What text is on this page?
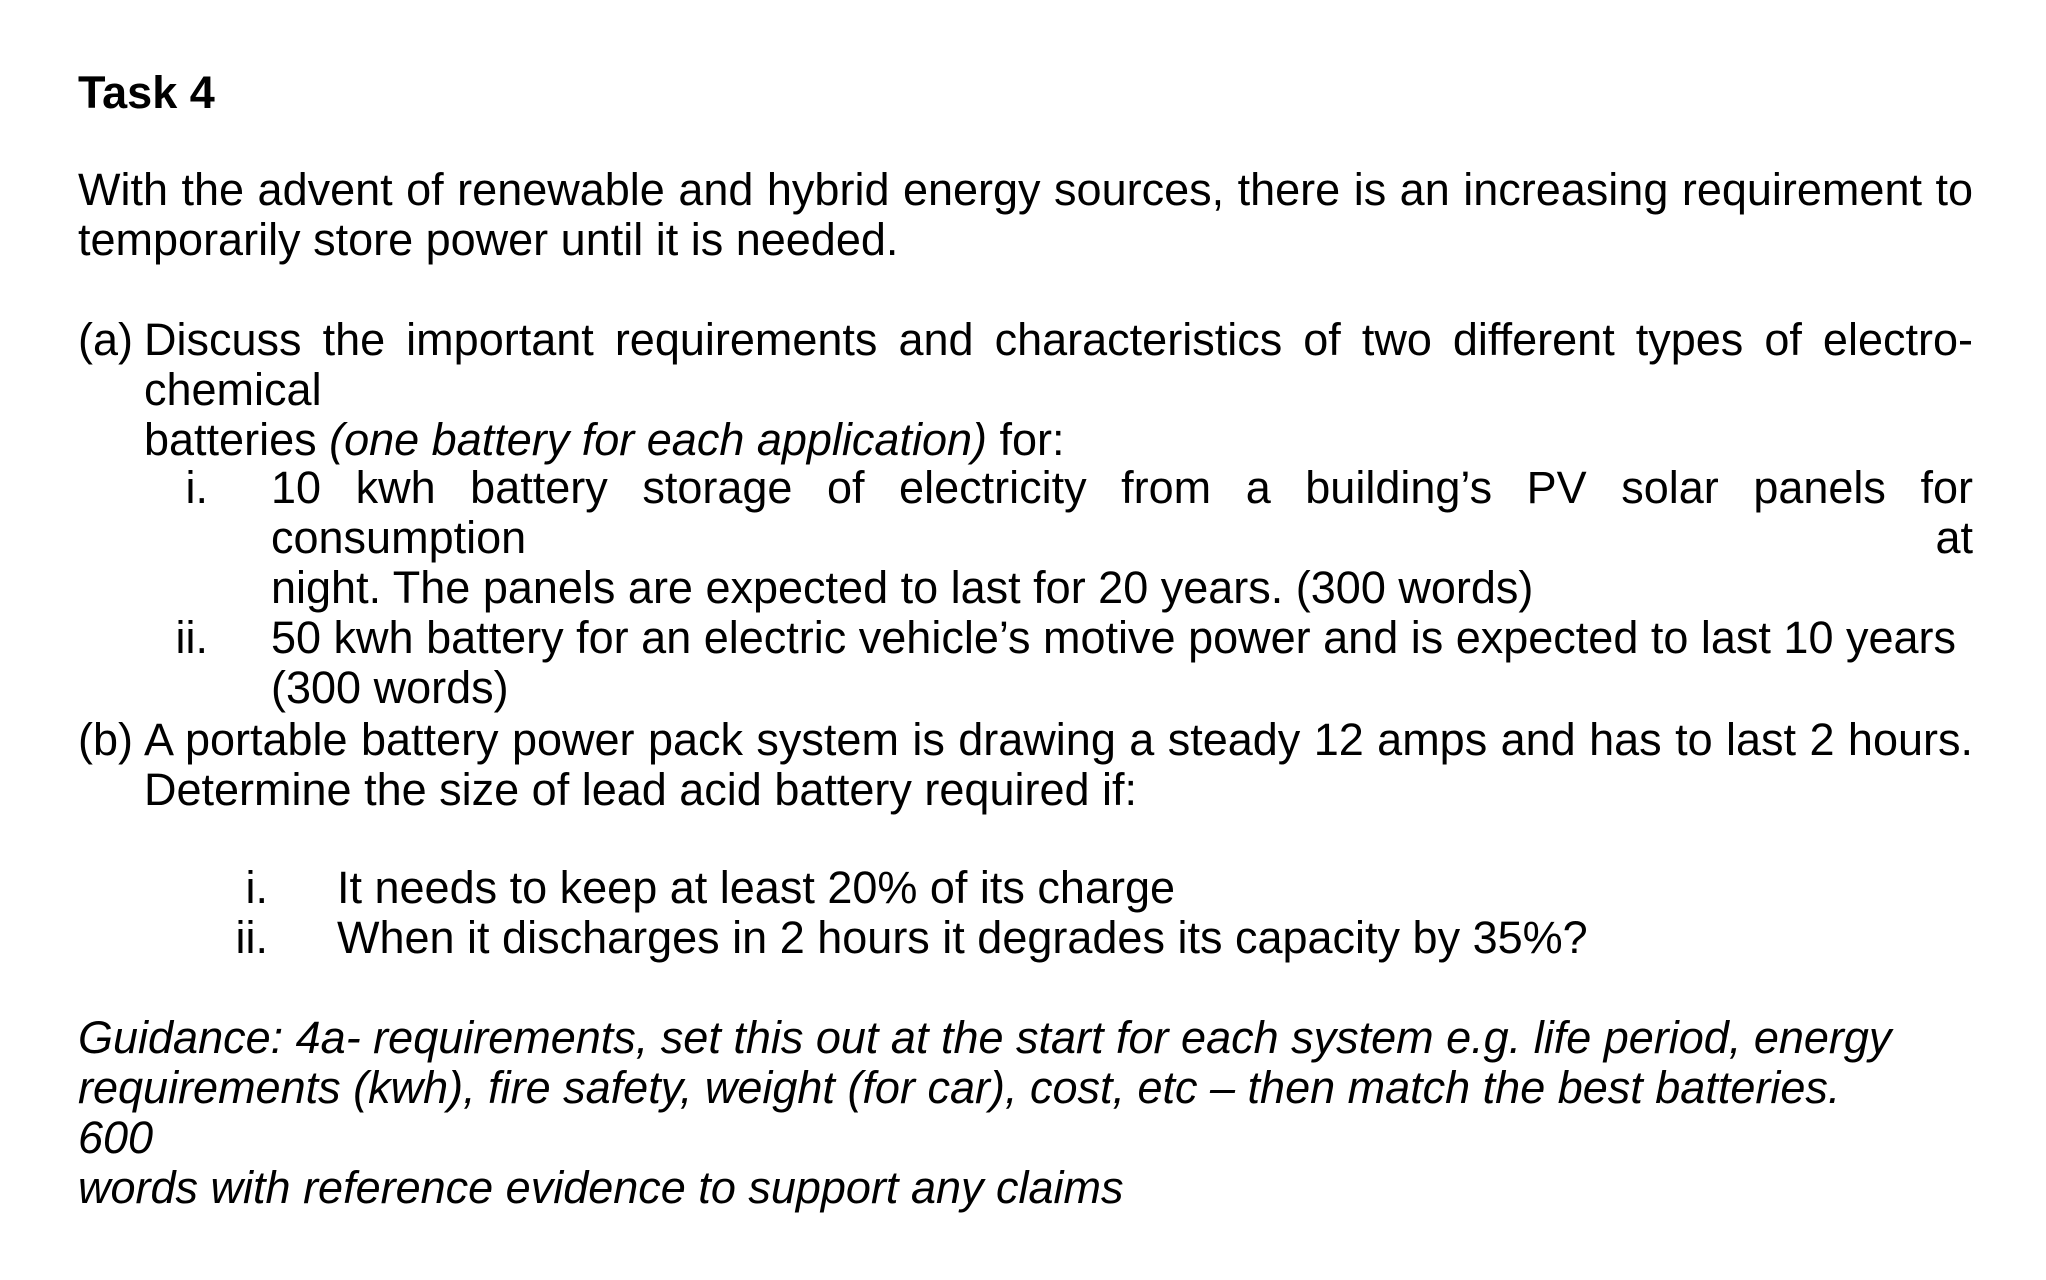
Task 4

With the advent of renewable and hybrid energy sources, there is an increasing requirement to
temporarily store power until it is needed.

(a) Discuss the important requirements and characteristics of two different types of electro-chemical
batteries (one battery for each application) for:

i. 10 kwh battery storage of electricity from a building’s PV solar panels for consumption at
night. The panels are expected to last for 20 years. (300 words)
ii. 50 kwh battery for an electric vehicle’s motive power and is expected to last 10 years
(300 words)

(b) A portable battery power pack system is drawing a steady 12 amps and has to last 2 hours.
Determine the size of lead acid battery required if:

i. It needs to keep at least 20% of its charge
ii. When it discharges in 2 hours it degrades its capacity by 35%?

Guidance: 4a- requirements, set this out at the start for each system e.g. life period, energy
requirements (kwh), fire safety, weight (for car), cost, etc – then match the best batteries. 600
words with reference evidence to support any claims
